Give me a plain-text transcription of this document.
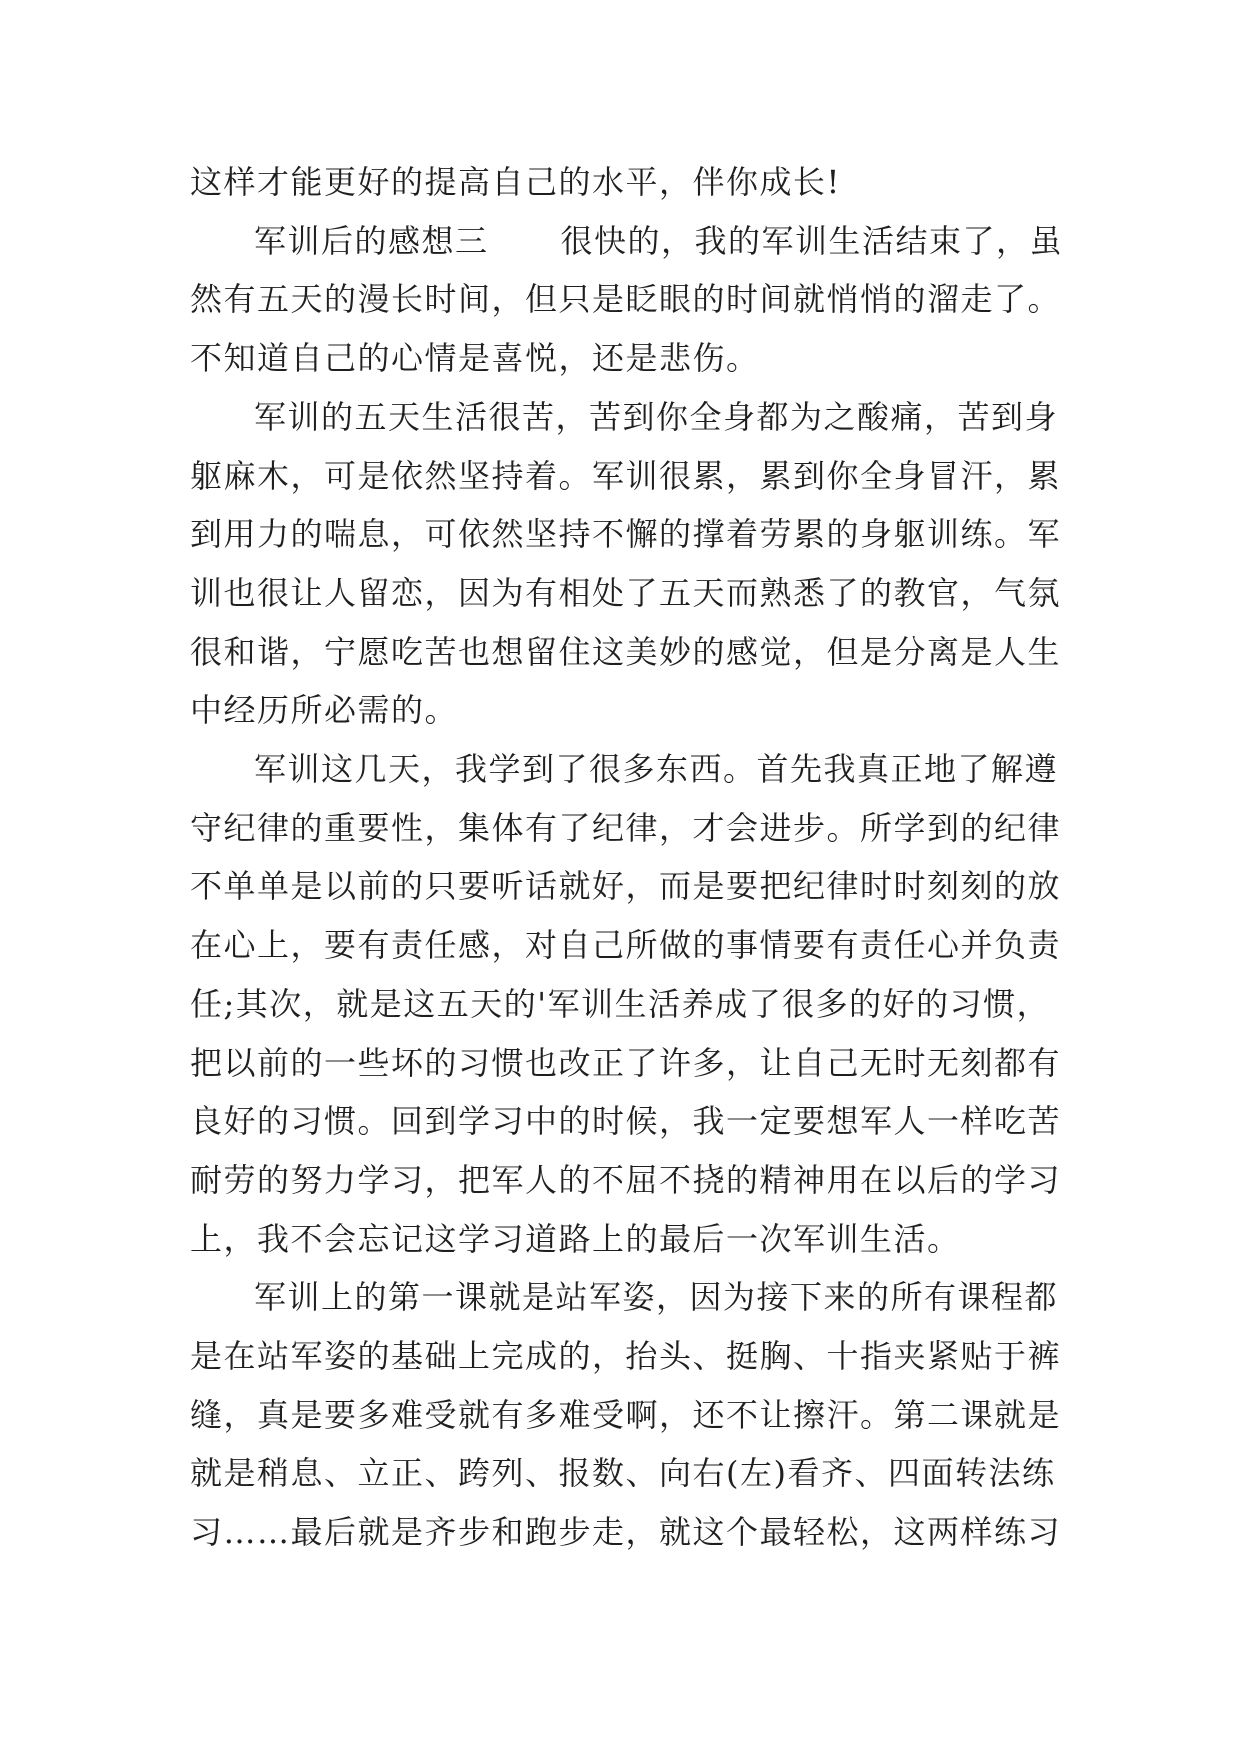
这样才能更好的提高自己的水平，伴你成长!
军训后的感想三 很快的，我的军训生活结束了，虽
然有五天的漫长时间，但只是眨眼的时间就悄悄的溜走了。
不知道自己的心情是喜悦，还是悲伤。
军训的五天生活很苦，苦到你全身都为之酸痛，苦到身
躯麻木，可是依然坚持着。军训很累，累到你全身冒汗，累
到用力的喘息，可依然坚持不懈的撑着劳累的身躯训练。军
训也很让人留恋，因为有相处了五天而熟悉了的教官，气氛
很和谐，宁愿吃苦也想留住这美妙的感觉，但是分离是人生
中经历所必需的。
军训这几天，我学到了很多东西。首先我真正地了解遵
守纪律的重要性，集体有了纪律，才会进步。所学到的纪律
不单单是以前的只要听话就好，而是要把纪律时时刻刻的放
在心上，要有责任感，对自己所做的事情要有责任心并负责
任;其次，就是这五天的'军训生活养成了很多的好的习惯，
把以前的一些坏的习惯也改正了许多，让自己无时无刻都有
良好的习惯。回到学习中的时候，我一定要想军人一样吃苦
耐劳的努力学习，把军人的不屈不挠的精神用在以后的学习
上，我不会忘记这学习道路上的最后一次军训生活。
军训上的第一课就是站军姿，因为接下来的所有课程都
是在站军姿的基础上完成的，抬头、挺胸、十指夹紧贴于裤
缝，真是要多难受就有多难受啊，还不让擦汗。第二课就是
就是稍息、立正、跨列、报数、向右(左)看齐、四面转法练
习……最后就是齐步和跑步走，就这个最轻松，这两样练习
